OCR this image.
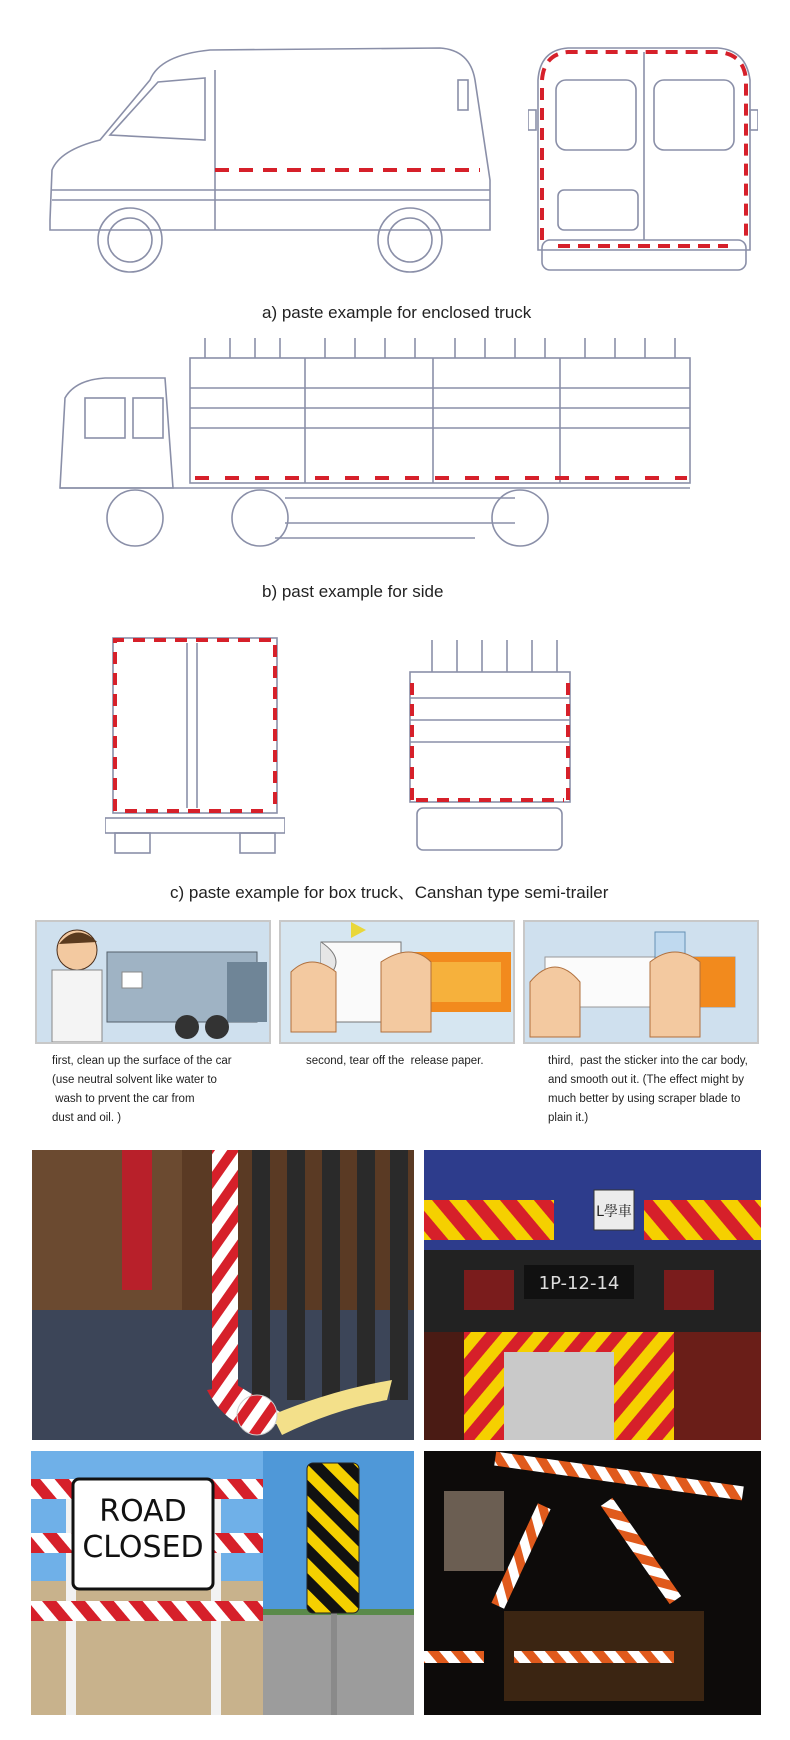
a) paste example for enclosed truck
b) past example for side
c) paste example for box truck、Canshan type semi-trailer
first, clean up the surface of the car
(use neutral solvent like water to
wash to prvent the car from
dust and oil. )
second, tear off the  release paper.	third,  past the sticker into the car body,
and smooth out it. (The effect might by
much better by using scraper blade to
plain it.)
L學車
1P-12-14
ROAD
CLOSED
